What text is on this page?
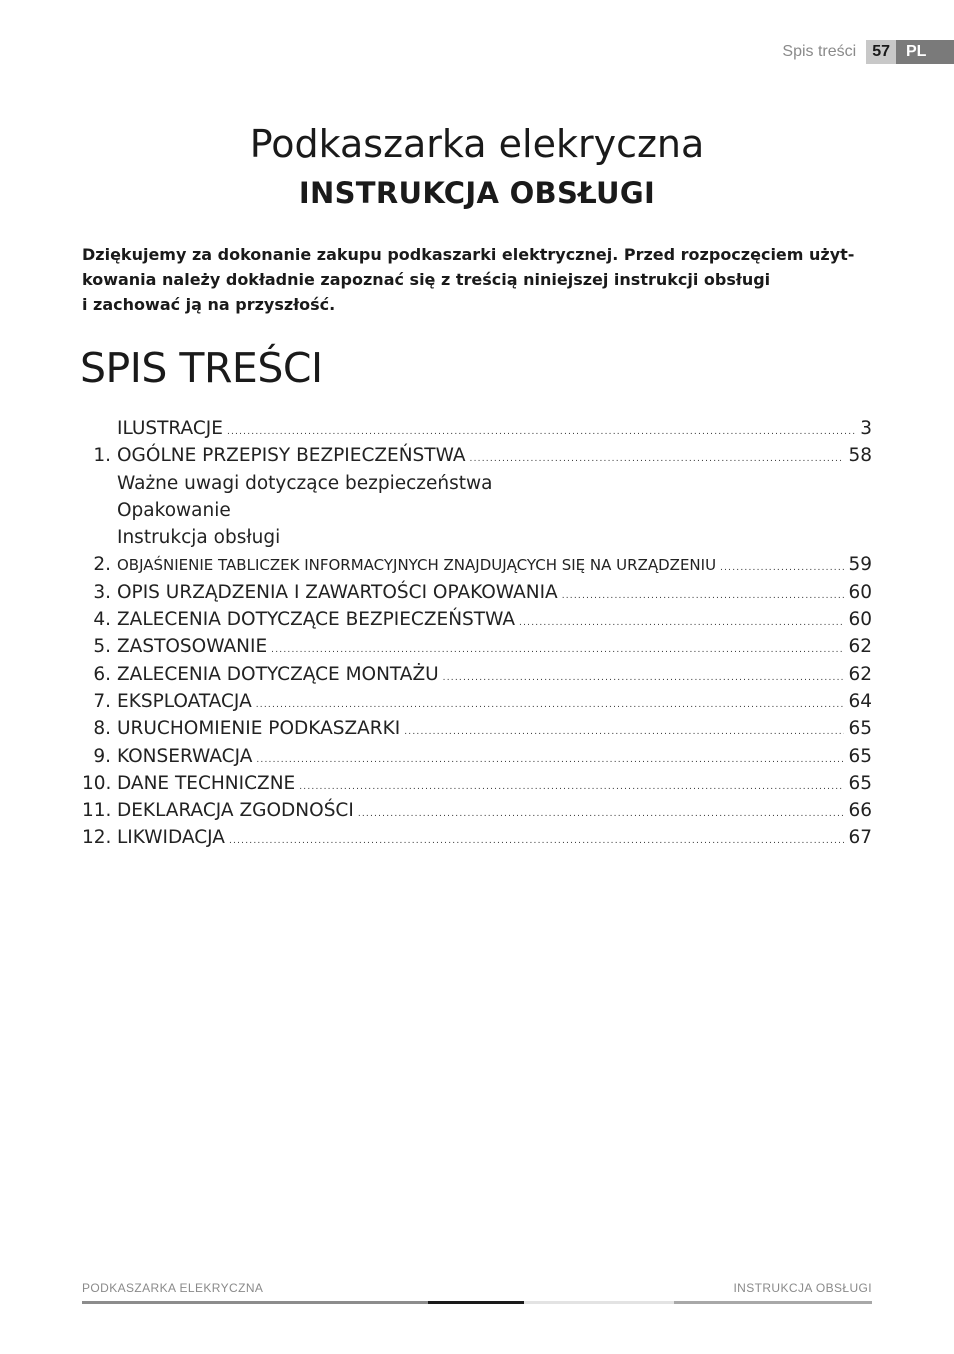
Spis treści	57	PL
Podkaszarka elekryczna
INSTRUKCJA OBSŁUGI

Dziękujemy za dokonanie zakupu podkaszarki elektrycznej. Przed rozpoczęciem użyt-
kowania należy dokładnie zapoznać się z treścią niniejszej instrukcji obsługi
i zachować ją na przyszłość.

SPIS TREŚCI
ILUSTRACJE .....	3
1. OGÓLNE PRZEPISY BEZPIECZEŃSTWA .....	58
Ważne uwagi dotyczące bezpieczeństwa
Opakowanie
Instrukcja obsługi
2. OBJAŚNIENIE TABLICZEK INFORMACYJNYCH ZNAJDUJĄCYCH SIĘ NA URZĄDZENIU .....	59
3. OPIS URZĄDZENIA I ZAWARTOŚCI OPAKOWANIA .....	60
4. ZALECENIA DOTYCZĄCE BEZPIECZEŃSTWA .....	60
5. ZASTOSOWANIE .....	62
6. ZALECENIA DOTYCZĄCE MONTAŻU .....	62
7. EKSPLOATACJA .....	64
8. URUCHOMIENIE PODKASZARKI .....	65
9. KONSERWACJA .....	65
10. DANE TECHNICZNE .....	65
11. DEKLARACJA ZGODNOŚCI .....	66
12. LIKWIDACJA .....	67
PODKASZARKA ELEKRYCZNA	INSTRUKCJA OBSŁUGI
